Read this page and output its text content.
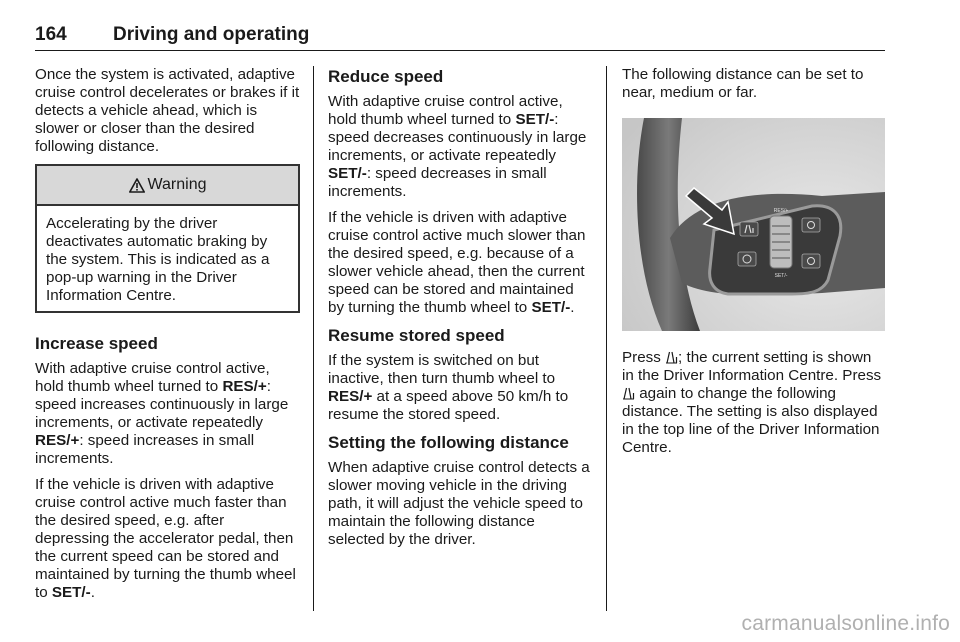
164 Driving and operating

Once the system is activated, adaptive cruise control decelerates or brakes if it detects a vehicle ahead, which is slower or closer than the desired following distance.

Warning
Accelerating by the driver deactivates automatic braking by the system. This is indicated as a pop-up warning in the Driver Information Centre.
Increase speed

With adaptive cruise control active, hold thumb wheel turned to RES/+: speed increases continuously in large increments, or activate repeatedly RES/+: speed increases in small increments.

If the vehicle is driven with adaptive cruise control active much faster than the desired speed, e.g. after depressing the accelerator pedal, then the current speed can be stored and maintained by turning the thumb wheel to SET/-.

Reduce speed

With adaptive cruise control active, hold thumb wheel turned to SET/-: speed decreases continuously in large increments, or activate repeatedly SET/-: speed decreases in small increments.

If the vehicle is driven with adaptive cruise control active much slower than the desired speed, e.g. because of a slower vehicle ahead, then the current speed can be stored and maintained by turning the thumb wheel to SET/-.

Resume stored speed

If the system is switched on but inactive, then turn thumb wheel to RES/+ at a speed above 50 km/h to resume the stored speed.

Setting the following distance

When adaptive cruise control detects a slower moving vehicle in the driving path, it will adjust the vehicle speed to maintain the following distance selected by the driver.

The following distance can be set to near, medium or far.

RES/+
SET/-

Press ; the current setting is shown in the Driver Information Centre. Press  again to change the following distance. The setting is also displayed in the top line of the Driver Information Centre.

carmanualsonline.info
